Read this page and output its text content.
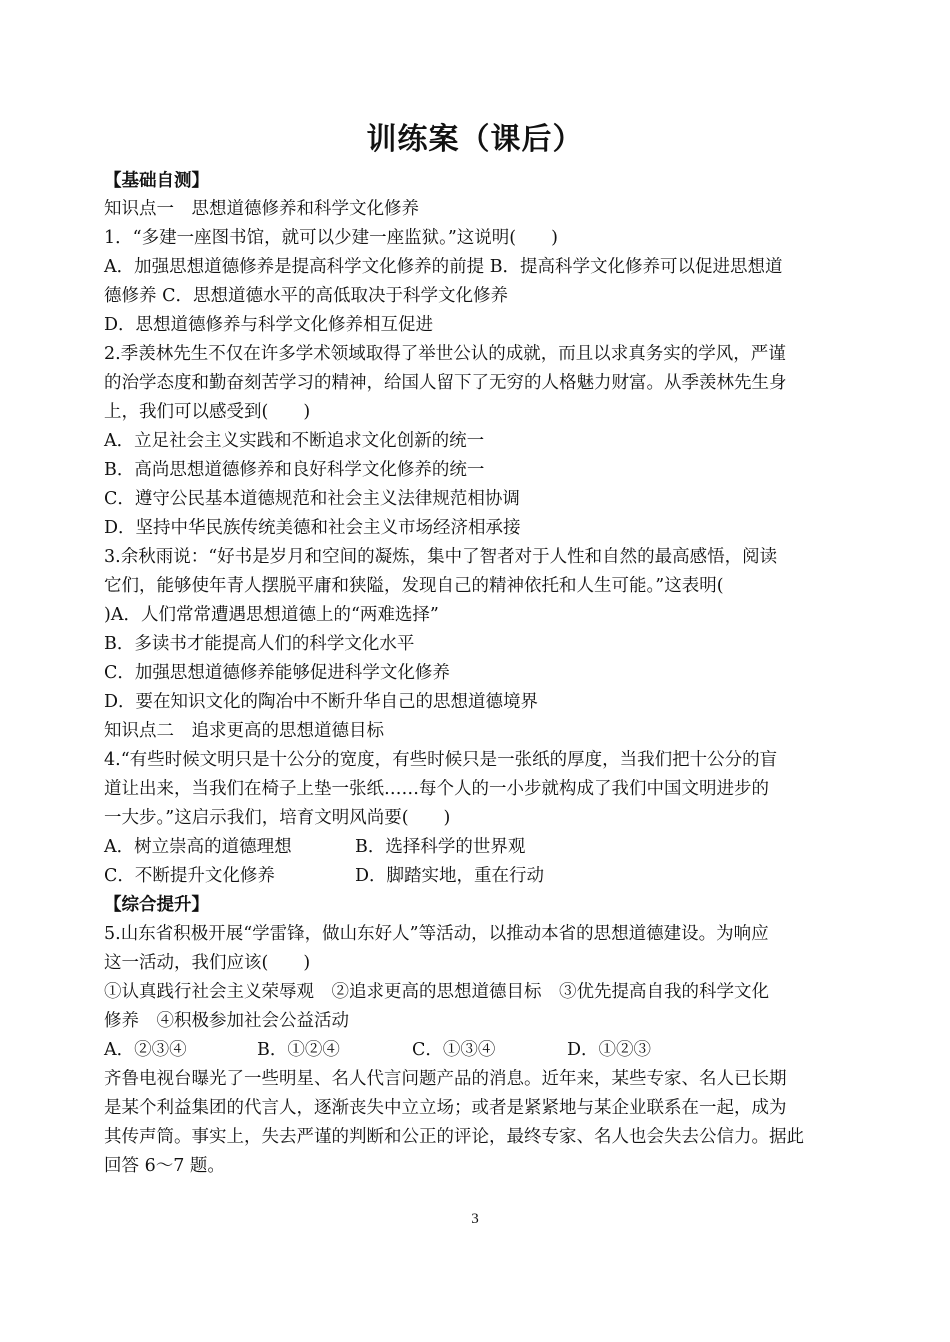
训练案（课后）
【基础自测】
知识点一　思想道德修养和科学文化修养
1．“多建一座图书馆，就可以少建一座监狱。”这说明(　　)
A．加强思想道德修养是提高科学文化修养的前提 B．提高科学文化修养可以促进思想道
德修养 C．思想道德水平的高低取决于科学文化修养
D．思想道德修养与科学文化修养相互促进
2.季羡林先生不仅在许多学术领域取得了举世公认的成就，而且以求真务实的学风，严谨
的治学态度和勤奋刻苦学习的精神，给国人留下了无穷的人格魅力财富。从季羡林先生身
上，我们可以感受到(　　)
A．立足社会主义实践和不断追求文化创新的统一
B．高尚思想道德修养和良好科学文化修养的统一
C．遵守公民基本道德规范和社会主义法律规范相协调
D．坚持中华民族传统美德和社会主义市场经济相承接
3.余秋雨说：“好书是岁月和空间的凝炼，集中了智者对于人性和自然的最高感悟，阅读
它们，能够使年青人摆脱平庸和狭隘，发现自己的精神依托和人生可能。”这表明(
)A．人们常常遭遇思想道德上的“两难选择”
B．多读书才能提高人们的科学文化水平
C．加强思想道德修养能够促进科学文化修养
D．要在知识文化的陶冶中不断升华自己的思想道德境界
知识点二　追求更高的思想道德目标
4.“有些时候文明只是十公分的宽度，有些时候只是一张纸的厚度，当我们把十公分的盲
道让出来，当我们在椅子上垫一张纸……每个人的一小步就构成了我们中国文明进步的
一大步。”这启示我们，培育文明风尚要(　　)
A．树立崇高的道德理想	B．选择科学的世界观
C．不断提升文化修养	D．脚踏实地，重在行动
【综合提升】
5.山东省积极开展“学雷锋，做山东好人”等活动，以推动本省的思想道德建设。为响应
这一活动，我们应该(　　)
①认真践行社会主义荣辱观　②追求更高的思想道德目标　③优先提高自我的科学文化
修养　④积极参加社会公益活动
A．②③④	B．①②④	C．①③④	D．①②③
齐鲁电视台曝光了一些明星、名人代言问题产品的消息。近年来，某些专家、名人已长期
是某个利益集团的代言人，逐渐丧失中立立场；或者是紧紧地与某企业联系在一起，成为
其传声筒。事实上，失去严谨的判断和公正的评论，最终专家、名人也会失去公信力。据此
回答 6～7 题。
3
